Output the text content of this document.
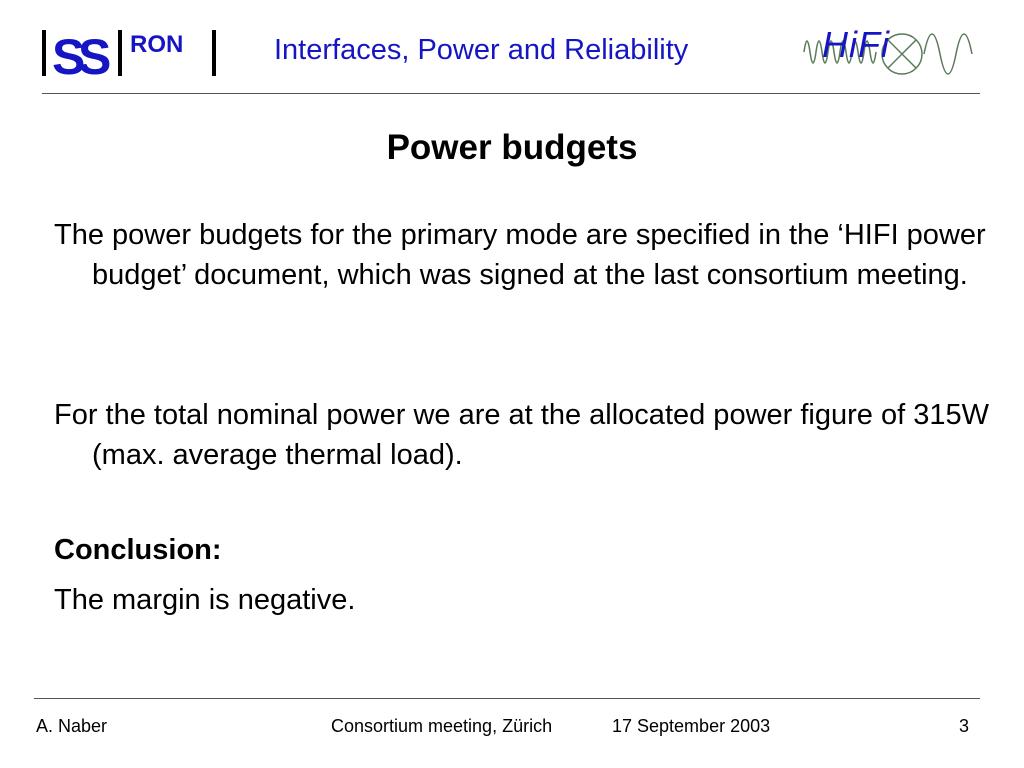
S
S RON	Interfaces, Power and Reliability	HiFi
Power budgets
The power budgets for the primary mode are specified in the ‘HIFI power budget’ document, which was signed at the last consortium meeting.
For the total nominal power we are at the allocated power figure of 315W (max. average thermal load).
Conclusion:
The margin is negative.
A. Naber	Consortium meeting, Zürich	17 September 2003	3
